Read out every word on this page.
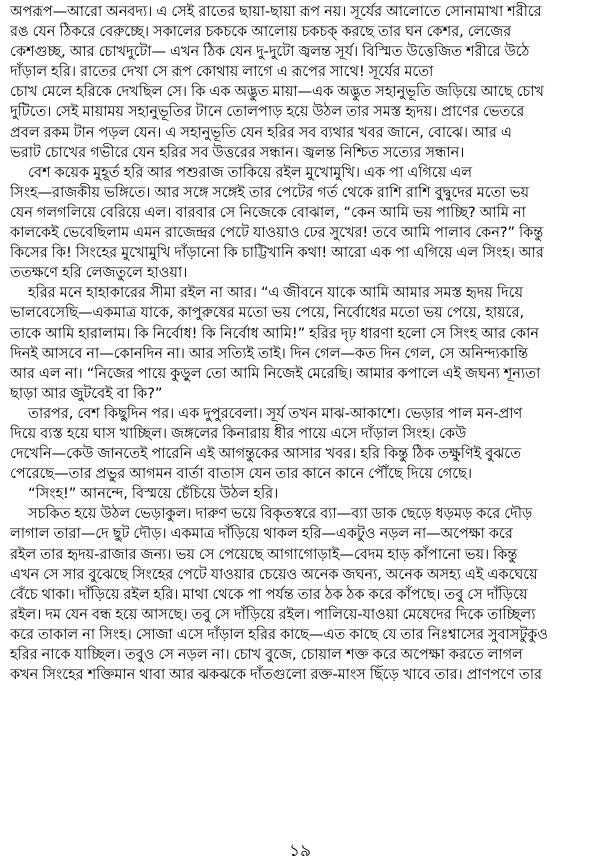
অপরূপ—আরো অনবদ্য। এ সেই রাতের ছায়া-ছায়া রূপ নয়। সূর্যের আলোতে সোনামাখা শরীরে
রঙ যেন ঠিকরে বেরুচ্ছে। সকালের চকচকে আলোয় চকচক্ করছে তার ঘন কেশর, লেজের
কেশগুচ্ছ, আর চোখদুটো— এখন ঠিক যেন দু-দুটো জ্বলন্ত সূর্য। বিস্মিত উত্তেজিত শরীরে উঠে
দাঁড়াল হরি। রাতের দেখা সে রূপ কোথায় লাগে এ রূপের সাথে! সূর্যের মতো
চোখ মেলে হরিকে দেখছিল সে। কি এক অদ্ভুত মায়া—এক অদ্ভুত সহানুভূতি জড়িয়ে আছে চোখ
দুটিতে। সেই মায়াময় সহানুভূতির টানে তোলপাড় হয়ে উঠল তার সমস্ত হৃদয়। প্রাণের ভেতরে
প্রবল রকম টান পড়ল যেন। এ সহানুভূতি যেন হরির সব ব্যথার খবর জানে, বোঝে। আর এ
ভরাট চোখের গভীরে যেন হরির সব উত্তরের সন্ধান। জ্বলন্ত নিশ্চিত সত্যের সন্ধান।
বেশ কয়েক মুহূর্ত হরি আর পশুরাজ তাকিয়ে রইল মুখোমুখি। এক পা এগিয়ে এল
সিংহ—রাজকীয় ভঙ্গিতে। আর সঙ্গে সঙ্গেই তার পেটের গর্ত থেকে রাশি রাশি বুদ্বুদের মতো ভয়
যেন গলগলিয়ে বেরিয়ে এল। বারবার সে নিজেকে বোঝাল, “কেন আমি ভয় পাচ্ছি? আমি না
কালকেই ভেবেছিলাম এমন রাজেন্দ্রর পেটে যাওয়াও ঢের সুখের! তবে আমি পালাব কেন?” কিন্তু
কিসের কি! সিংহের মুখোমুখি দাঁড়ানো কি চাট্টিখানি কথা! আরো এক পা এগিয়ে এল সিংহ। আর
ততক্ষণে হরি লেজতুলে হাওয়া।
হরির মনে হাহাকারের সীমা রইল না আর। “এ জীবনে যাকে আমি আমার সমস্ত হৃদয় দিয়ে
ভালবেসেছি—একমাত্র যাকে, কাপুরুষের মতো ভয় পেয়ে, নির্বোধের মতো ভয় পেয়ে, হায়রে,
তাকে আমি হারালাম। কি নির্বোধ! কি নির্বোধ আমি!” হরির দৃঢ় ধারণা হলো সে সিংহ আর কোন
দিনই আসবে না—কোনদিন না। আর সত্যিই তাই। দিন গেল—কত দিন গেল, সে অনিন্দ্যকান্তি
আর এল না। “নিজের পায়ে কুড়ুল তো আমি নিজেই মেরেছি। আমার কপালে এই জঘন্য শূন্যতা
ছাড়া আর জুটবেই বা কি?”
তারপর, বেশ কিছুদিন পর। এক দুপুরবেলা। সূর্য তখন মাঝ-আকাশে। ভেড়ার পাল মন-প্রাণ
দিয়ে ব্যস্ত হয়ে ঘাস খাচ্ছিল। জঙ্গলের কিনারায় ধীর পায়ে এসে দাঁড়াল সিংহ। কেউ
দেখেনি—কেউ জানতেই পারেনি এই আগন্তুকের আসার খবর। হরি কিন্তু ঠিক তক্ষুণিই বুঝতে
পেরেছে—তার প্রভুর আগমন বার্তা বাতাস যেন তার কানে কানে পৌঁছে দিয়ে গেছে।
“সিংহ!” আনন্দে, বিস্ময়ে চেঁচিয়ে উঠল হরি।
সচকিত হয়ে উঠল ভেড়াকুল। দারুণ ভয়ে বিকৃতস্বরে ব্যা—ব্যা ডাক ছেড়ে ধড়মড় করে দৌড়
লাগাল তারা—দে ছুট দৌড়। একমাত্র দাঁড়িয়ে থাকল হরি—একটুও নড়ল না—অপেক্ষা করে
রইল তার হৃদয়-রাজার জন্য। ভয় সে পেয়েছে আগাগোড়াই—বেদম হাড় কাঁপানো ভয়। কিন্তু
এখন সে সার বুঝেছে সিংহের পেটে যাওয়ার চেয়েও অনেক জঘন্য, অনেক অসহ্য এই একঘেয়ে
বেঁচে থাকা। দাঁড়িয়ে রইল হরি। মাথা থেকে পা পর্যন্ত তার ঠক ঠক করে কাঁপছে। তবু সে দাঁড়িয়ে
রইল। দম যেন বন্ধ হয়ে আসছে। তবু সে দাঁড়িয়ে রইল। পালিয়ে-যাওয়া মেষেদের দিকে তাচ্ছিল্য
করে তাকাল না সিংহ। সোজা এসে দাঁড়াল হরির কাছে—এত কাছে যে তার নিঃশ্বাসের সুবাসটুকুও
হরির নাকে যাচ্ছিল। তবুও সে নড়ল না। চোখ বুজে, চোয়াল শক্ত করে অপেক্ষা করতে লাগল
কখন সিংহের শক্তিমান থাবা আর ঝকঝকে দাঁতগুলো রক্ত-মাংস ছিঁড়ে খাবে তার। প্রাণপণে তার
১৯
